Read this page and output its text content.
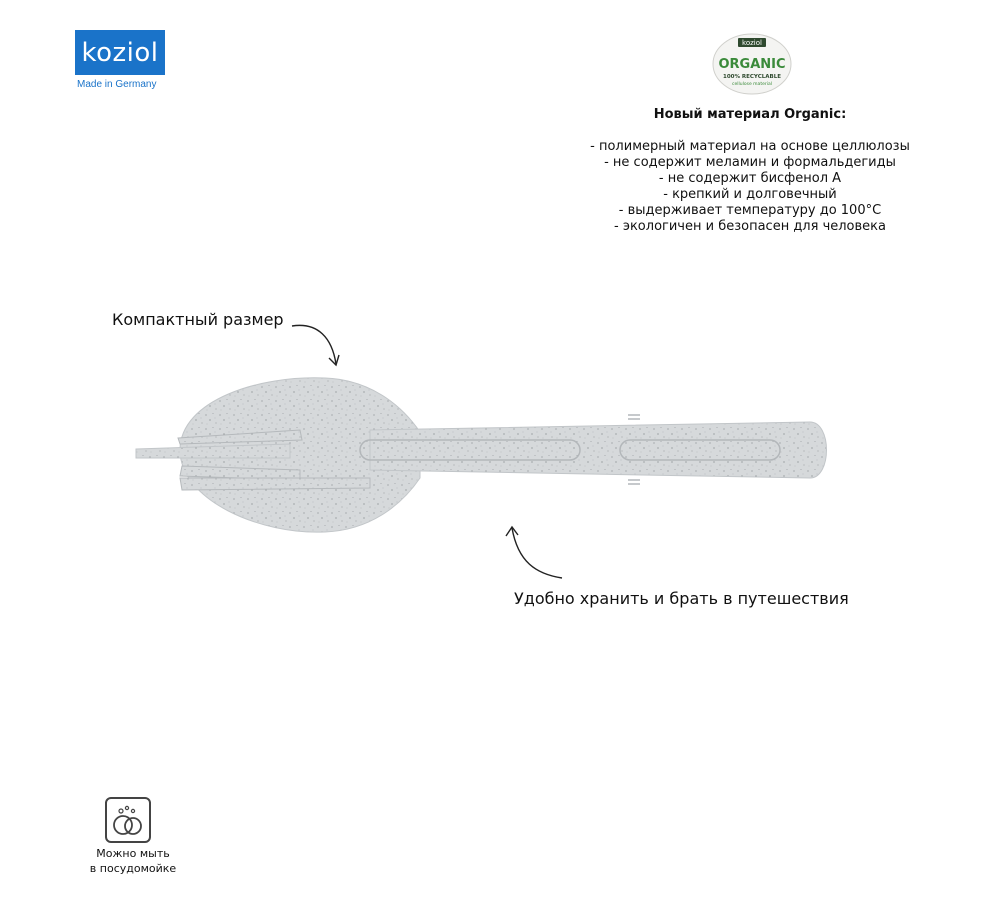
koziol
Made in Germany
koziol
ORGANIC
100% RECYCLABLE
cellulose material
Новый материал Organic:
- полимерный материал на основе целлюлозы
- не содержит меламин и формальдегиды
- не содержит бисфенол А
- крепкий и долговечный
- выдерживает температуру до 100°С
- экологичен и безопасен для человека
Компактный размер
Удобно хранить и брать в путешествия
Можно мыть
в посудомойке
